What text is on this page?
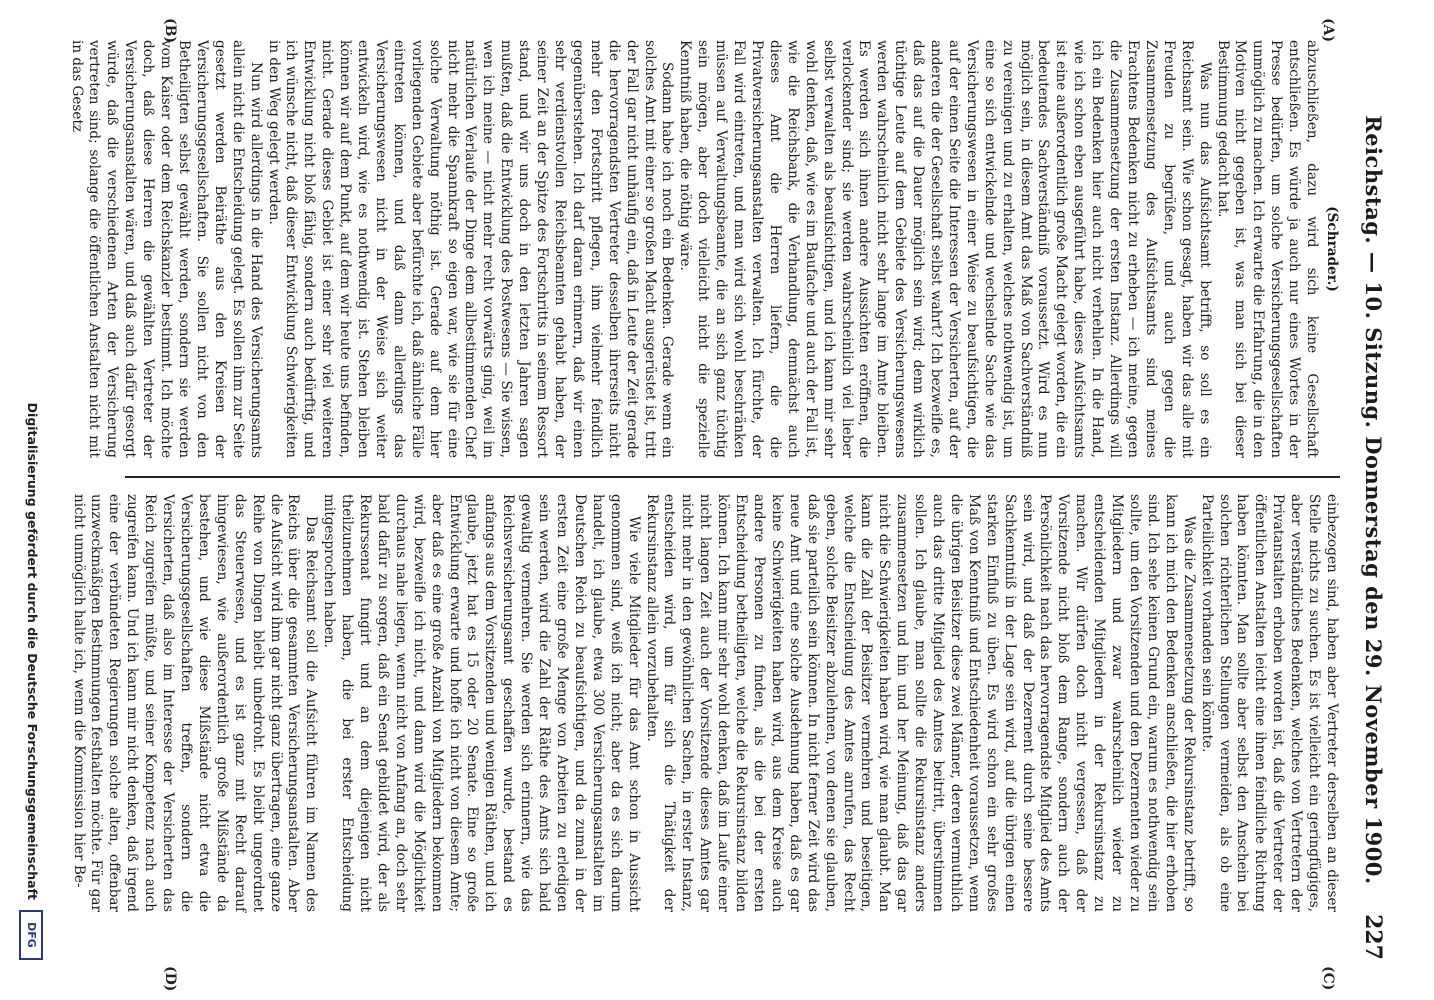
Reichstag. — 10. Sitzung. Donnerstag den 29. November 1900.
227
(A)
(B)
(C)
(D)

(Schrader.)

abzuschließen, dazu wird sich keine Gesellschaft entschließen. Es würde ja auch nur eines Wortes in der Presse bedürfen, um solche Versicherungsgesellschaften unmöglich zu machen. Ich erwarte die Erfahrung, die in den Motiven nicht gegeben ist, was man sich bei dieser Bestimmung gedacht hat.

Was nun das Aufsichtsamt betrifft, so soll es ein Reichsamt sein. Wie schon gesagt, haben wir das alle mit Freuden zu begrüßen, und auch gegen die Zusammensetzung des Aufsichtsamts sind meines Erachtens Bedenken nicht zu erheben — ich meine, gegen die Zusammensetzung der ersten Instanz. Allerdings will ich ein Bedenken hier auch nicht verhehlen. In die Hand, wie ich schon eben ausgeführt habe, dieses Aufsichtsamts ist eine außerordentlich große Macht gelegt worden, die ein bedeutendes Sachverständniß voraussetzt. Wird es nun möglich sein, in diesem Amt das Maß von Sachverständniß zu vereinigen und zu erhalten, welches nothwendig ist, um eine so sich entwickelnde und wechselnde Sache wie das Versicherungswesen in einer Weise zu beaufsichtigen, die auf der einen Seite die Interessen der Versicherten, auf der anderen die der Gesellschaft selbst wahrt? Ich bezweifle es, daß das auf die Dauer möglich sein wird; denn wirklich tüchtige Leute auf dem Gebiete des Versicherungswesens werden wahrscheinlich nicht sehr lange im Amte bleiben. Es werden sich ihnen andere Aussichten eröffnen, die verlockender sind; sie werden wahrscheinlich viel lieber selbst verwalten als beaufsichtigen, und ich kann mir sehr wohl denken, daß, wie es im Baufache und auch der Fall ist, wie die Reichsbank, die Verhandlung, demnächst auch dieses Amt die Herren liefern, die die Privatversicherungsanstalten verwalten. Ich fürchte, der Fall wird eintreten, und man wird sich wohl beschränken müssen auf Verwaltungsbeamte, die an sich ganz tüchtig sein mögen, aber doch vielleicht nicht die spezielle Kenntniß haben, die nöthig wäre.

Sodann habe ich noch ein Bedenken. Gerade wenn ein solches Amt mit einer so großen Macht ausgerüstet ist, tritt der Fall gar nicht unhäufig ein, daß in Leute der Zeit gerade die hervorragendsten Vertreter desselben ihrerseits nicht mehr den Fortschritt pflegen, ihm vielmehr feindlich gegenüberstehen. Ich darf daran erinnern, daß wir einen sehr verdienstvollen Reichsbeamten gehabt haben, der seiner Zeit an der Spitze des Fortschritts in seinem Ressort stand, und wir uns doch in den letzten Jahren sagen mußten, daß die Entwicklung des Postwesens — Sie wissen, wen ich meine — nicht mehr recht vorwärts ging, weil im natürlichen Verlaufe der Dinge dem allbestimmenden Chef nicht mehr die Spannkraft so eigen war, wie sie für eine solche Verwaltung nöthig ist. Gerade auf dem hier vorliegenden Gebiete aber befürchte ich, daß ähnliche Fälle eintreten können, und daß dann allerdings das Versicherungswesen nicht in der Weise sich weiter entwickeln wird, wie es nothwendig ist. Stehen bleiben können wir auf dem Punkt, auf dem wir heute uns befinden, nicht. Gerade dieses Gebiet ist einer sehr viel weiteren Entwicklung nicht bloß fähig, sondern auch bedürftig, und ich wünsche nicht, daß dieser Entwicklung Schwierigkeiten in den Weg gelegt werden.

Nun wird allerdings in die Hand des Versicherungsamts allein nicht die Entscheidung gelegt. Es sollen ihm zur Seite gesetzt werden Beiräthe aus den Kreisen der Versicherungsgesellschaften. Sie sollen nicht von den Betheiligten selbst gewählt werden, sondern sie werden vom Kaiser oder dem Reichskanzler bestimmt. Ich möchte doch, daß diese Herren die gewählten Vertreter der Versicherungsanstalten wären, und daß auch dafür gesorgt würde, daß die verschiedenen Arten der Versicherung vertreten sind; solange die öffentlichen Anstalten nicht mit in das Gesetz

einbezogen sind, haben aber Vertreter derselben an dieser Stelle nichts zu suchen. Es ist vielleicht ein geringfügiges, aber verständliches Bedenken, welches von Vertretern der Privatanstalten erhoben worden ist, daß die Vertreter der öffentlichen Anstalten leicht eine ihnen feindliche Richtung haben könnten. Man sollte aber selbst den Anschein bei solchen richterlichen Stellungen vermeiden, als ob eine Parteilichkeit vorhanden sein könnte.

Was die Zusammensetzung der Rekursinstanz betrifft, so kann ich mich den Bedenken anschließen, die hier erhoben sind. Ich sehe keinen Grund ein, warum es nothwendig sein sollte, um den Vorsitzenden und den Dezernenten wieder zu Mitgliedern und zwar wahrscheinlich wieder zu entscheidenden Mitgliedern in der Rekursinstanz zu machen. Wir dürfen doch nicht vergessen, daß der Vorsitzende nicht bloß dem Range, sondern auch der Persönlichkeit nach das hervorragendste Mitglied des Amts sein wird, und daß der Dezernent durch seine bessere Sachkenntniß in der Lage sein wird, auf die übrigen einen starken Einfluß zu üben. Es wird schon ein sehr großes Maß von Kenntniß und Entschiedenheit voraussetzen, wenn die übrigen Beisitzer diese zwei Männer, deren vermuthlich auch das dritte Mitglied des Amtes beitritt, überstimmen sollen. Ich glaube, man sollte die Rekursinstanz anders zusammensetzen und hin und her Meinung, daß das gar nicht die Schwierigkeiten haben wird, wie man glaubt. Man kann die Zahl der Beisitzer vermehren und beseitigen, welche die Entscheidung des Amtes anrufen, das Recht geben, solche Beisitzer abzulehnen, von denen sie glauben, daß sie parteilich sein können. In nicht ferner Zeit wird das neue Amt und eine solche Ausdehnung haben, daß es gar keine Schwierigkeiten haben wird, aus dem Kreise auch andere Personen zu finden, als die bei der ersten Entscheidung betheiligten, welche die Rekursinstanz bilden können. Ich kann mir sehr wohl denken, daß im Laufe einer nicht langen Zeit auch der Vorsitzende dieses Amtes gar nicht mehr in den gewöhnlichen Sachen, in erster Instanz, entscheiden wird, um für sich die Thätigkeit der Rekursinstanz allein vorzubehalten.

Wie viele Mitglieder für das Amt schon in Aussicht genommen sind, weiß ich nicht; aber da es sich darum handelt, ich glaube, etwa 300 Versicherungsanstalten im Deutschen Reich zu beaufsichtigen, und da zumal in der ersten Zeit eine große Menge von Arbeiten zu erledigen sein werden, wird die Zahl der Räthe des Amts sich bald gewaltig vermehren. Sie werden sich erinnern, wie das Reichsversicherungsamt geschaffen wurde, bestand es anfangs aus dem Vorsitzenden und wenigen Räthen, und ich glaube, jetzt hat es 15 oder 20 Senate. Eine so große Entwicklung erwarte und hoffe ich nicht von diesem Amte; aber daß es eine große Anzahl von Mitgliedern bekommen wird, bezweifle ich nicht, und dann wird die Möglichkeit durchaus nahe liegen, wenn nicht von Anfang an, doch sehr bald dafür zu sorgen, daß ein Senat gebildet wird, der als Rekurssenat fungirt und an dem diejenigen nicht theilzunehmen haben, die bei erster Entscheidung mitgesprochen haben.

Das Reichsamt soll die Aufsicht führen im Namen des Reichs über die gesammten Versicherungsanstalten. Aber die Aufsicht wird ihm gar nicht ganz übertragen, eine ganze Reihe von Dingen bleibt unbedroht. Es bleibt ungeordnet das Steuerwesen, und es ist ganz mit Recht darauf hingewiesen, wie außerordentlich große Mißstände da bestehen, und wie diese Mißstände nicht etwa die Versicherungsgesellschaften treffen, sondern die Versicherten, daß also im Interesse der Versicherten das Reich zugreifen müßte, und seiner Kompetenz nach auch zugreifen kann. Und ich kann mir nicht denken, daß irgend eine der verbündeten Regierungen solche alten, offenbar unzweckmäßigen Bestimmungen festhalten möchte. Für gar nicht unmöglich halte ich, wenn die Kommission hier Be-

Digitalisierung gefördert durch die Deutsche Forschungsgemeinschaft
DFG
